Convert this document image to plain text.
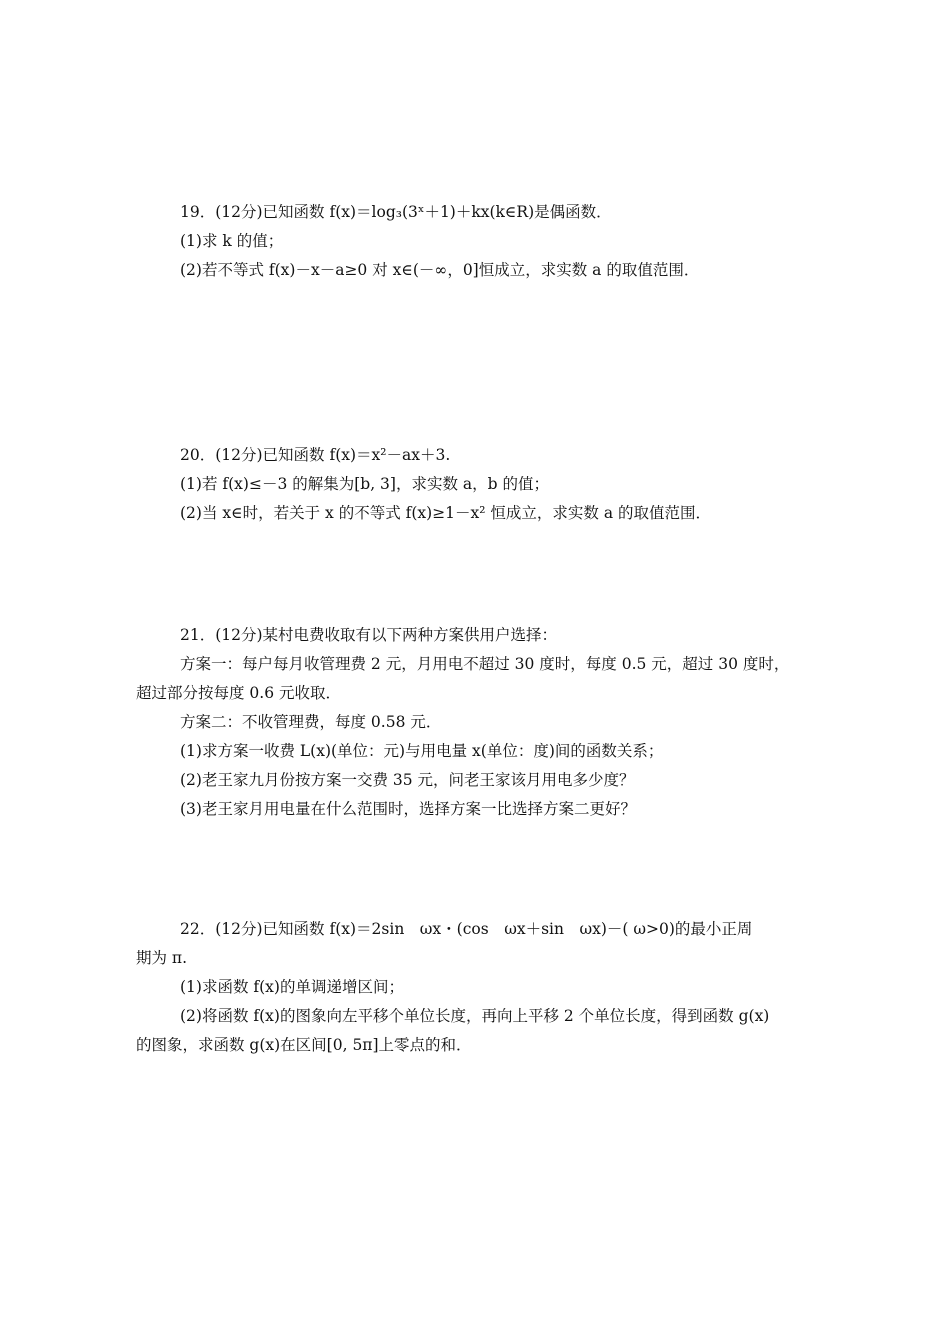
19．(12分)已知函数 f(x)＝log₃(3ˣ＋1)＋kx(k∈R)是偶函数．
(1)求 k 的值；
(2)若不等式 f(x)－x－a≥0 对 x∈(－∞，0]恒成立，求实数 a 的取值范围．
20．(12分)已知函数 f(x)＝x²－ax＋3.
(1)若 f(x)≤－3 的解集为[b, 3]，求实数 a，b 的值；
(2)当 x∈时，若关于 x 的不等式 f(x)≥1－x² 恒成立，求实数 a 的取值范围．
21．(12分)某村电费收取有以下两种方案供用户选择：
方案一：每户每月收管理费 2 元，月用电不超过 30 度时，每度 0.5 元，超过 30 度时，
超过部分按每度 0.6 元收取．
方案二：不收管理费，每度 0.58 元．
(1)求方案一收费 L(x)(单位：元)与用电量 x(单位：度)间的函数关系；
(2)老王家九月份按方案一交费 35 元，问老王家该月用电多少度？
(3)老王家月用电量在什么范围时，选择方案一比选择方案二更好？
22．(12分)已知函数 f(x)＝2sin　ωx・(cos　ωx＋sin　ωx)－( ω>0)的最小正周
期为 π.
(1)求函数 f(x)的单调递增区间；
(2)将函数 f(x)的图象向左平移个单位长度，再向上平移 2 个单位长度，得到函数 g(x)
的图象，求函数 g(x)在区间[0, 5π]上零点的和．
